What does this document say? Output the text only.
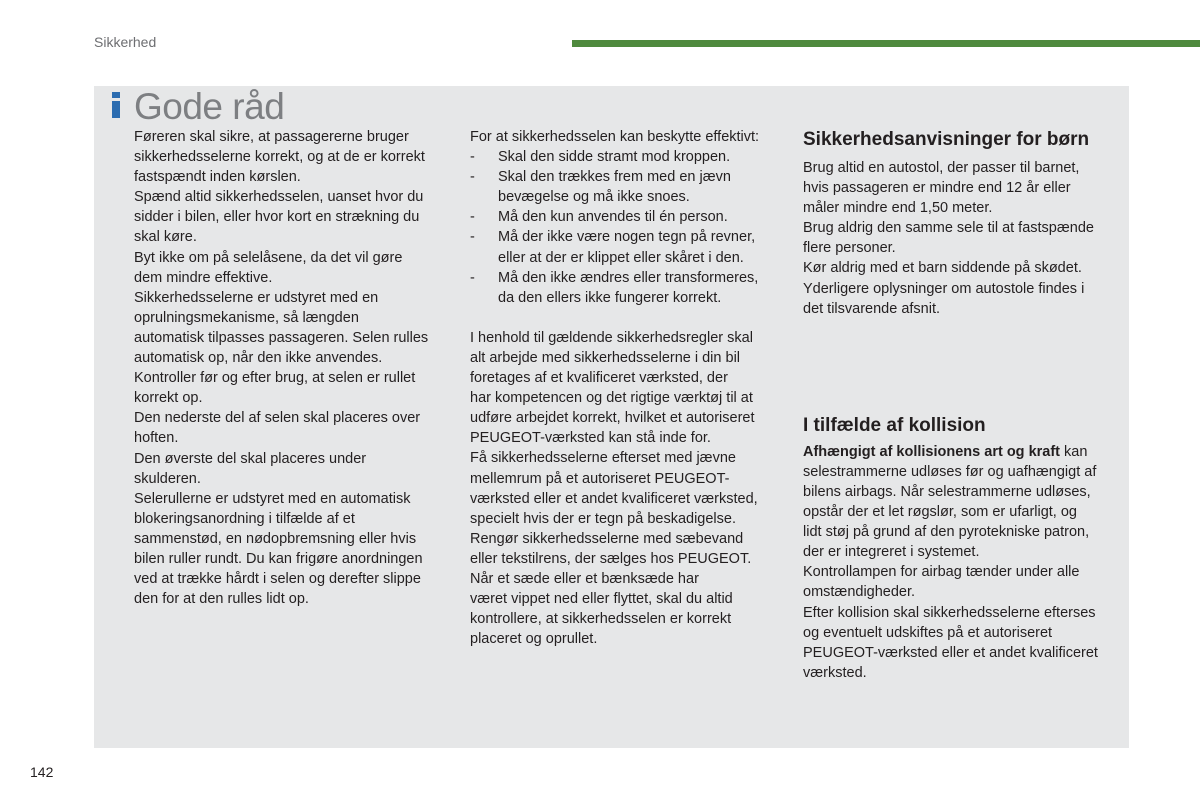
Sikkerhed
Gode råd

Føreren skal sikre, at passagererne bruger

sikkerhedsselerne korrekt, og at de er korrekt

fastspændt inden kørslen.

Spænd altid sikkerhedsselen, uanset hvor du

sidder i bilen, eller hvor kort en strækning du

skal køre.

Byt ikke om på selelåsene, da det vil gøre

dem mindre effektive.

Sikkerhedsselerne er udstyret med en

oprulningsmekanisme, så længden

automatisk tilpasses passageren. Selen rulles

automatisk op, når den ikke anvendes.

Kontroller før og efter brug, at selen er rullet

korrekt op.

Den nederste del af selen skal placeres over

hoften.

Den øverste del skal placeres under

skulderen.

Selerullerne er udstyret med en automatisk

blokeringsanordning i tilfælde af et

sammenstød, en nødopbremsning eller hvis

bilen ruller rundt. Du kan frigøre anordningen

ved at trække hårdt i selen og derefter slippe

den for at den rulles lidt op.

For at sikkerhedsselen kan beskytte effektivt:

- Skal den sidde stramt mod kroppen.
- Skal den trækkes frem med en jævn
bevægelse og må ikke snoes.
- Må den kun anvendes til én person.
- Må der ikke være nogen tegn på revner,
eller at der er klippet eller skåret i den.
- Må den ikke ændres eller transformeres,
da den ellers ikke fungerer korrekt.

I henhold til gældende sikkerhedsregler skal

alt arbejde med sikkerhedsselerne i din bil

foretages af et kvalificeret værksted, der

har kompetencen og det rigtige værktøj til at

udføre arbejdet korrekt, hvilket et autoriseret

PEUGEOT-værksted kan stå inde for.

Få sikkerhedsselerne efterset med jævne

mellemrum på et autoriseret PEUGEOT-

værksted eller et andet kvalificeret værksted,

specielt hvis der er tegn på beskadigelse.

Rengør sikkerhedsselerne med sæbevand

eller tekstilrens, der sælges hos PEUGEOT.

Når et sæde eller et bænksæde har

været vippet ned eller flyttet, skal du altid

kontrollere, at sikkerhedsselen er korrekt

placeret og oprullet.

Sikkerhedsanvisninger for børn

Brug altid en autostol, der passer til barnet,

hvis passageren er mindre end 12 år eller

måler mindre end 1,50 meter.

Brug aldrig den samme sele til at fastspænde

flere personer.

Kør aldrig med et barn siddende på skødet.

Yderligere oplysninger om autostole findes i

det tilsvarende afsnit.

I tilfælde af kollision

Afhængigt af kollisionens art og kraft kan

selestrammerne udløses før og uafhængigt af

bilens airbags. Når selestrammerne udløses,

opstår der et let røgslør, som er ufarligt, og

lidt støj på grund af den pyrotekniske patron,

der er integreret i systemet.

Kontrollampen for airbag tænder under alle

omstændigheder.

Efter kollision skal sikkerhedsselerne efterses

og eventuelt udskiftes på et autoriseret

PEUGEOT-værksted eller et andet kvalificeret

værksted.

142
